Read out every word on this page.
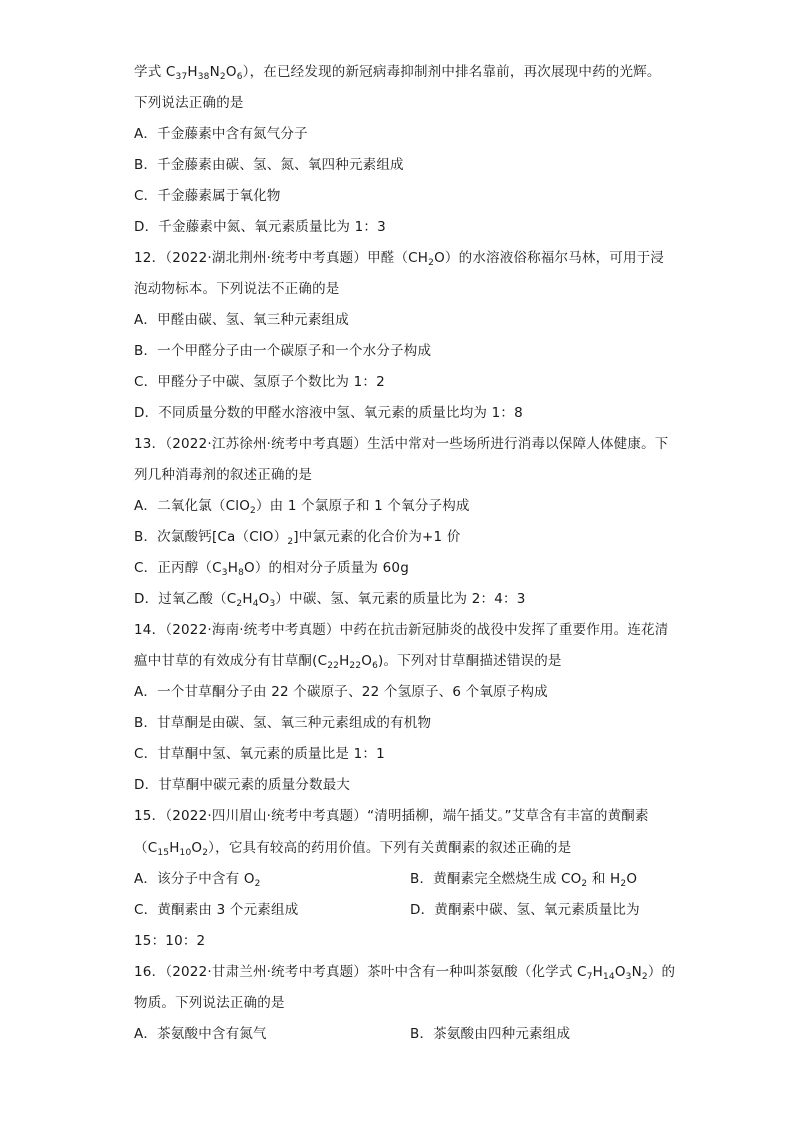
学式 $C_{37}H_{38}N_2O_6$），在已经发现的新冠病毒抑制剂中排名靠前，再次展现中药的光辉。
下列说法正确的是
A．千金藤素中含有氮气分子
B．千金藤素由碳、氢、氮、氧四种元素组成
C．千金藤素属于氧化物
D．千金藤素中氮、氧元素质量比为 1：3
12．（2022·湖北荆州·统考中考真题）甲醛$(CH_2O)$的水溶液俗称福尔马林，可用于浸
泡动物标本。下列说法不正确的是
A．甲醛由碳、氢、氧三种元素组成
B．一个甲醛分子由一个碳原子和一个水分子构成
C．甲醛分子中碳、氢原子个数比为 1：2
D．不同质量分数的甲醛水溶液中氢、氧元素的质量比均为 1：8
13．（2022·江苏徐州·统考中考真题）生活中常对一些场所进行消毒以保障人体健康。下
列几种消毒剂的叙述正确的是
A．二氧化氯（ClO$_2$）由 1 个氯原子和 1 个氧分子构成
B．次氯酸钙$[Ca(ClO)_2]$中氯元素的化合价为+1 价
C．正丙醇$(C_3H_8O)$的相对分子质量为 60g
D．过氧乙酸$(C_2H_4O_3)$中碳、氢、氧元素的质量比为 2：4：3
14．（2022·海南·统考中考真题）中药在抗击新冠肺炎的战役中发挥了重要作用。连花清
瘟中甘草的有效成分有甘草酮$(C_{22}H_{22}O_6)$。下列对甘草酮描述错误的是
A．一个甘草酮分子由 22 个碳原子、22 个氢原子、6 个氧原子构成
B．甘草酮是由碳、氢、氧三种元素组成的有机物
C．甘草酮中氢、氧元素的质量比是 1：1
D．甘草酮中碳元素的质量分数最大
15．（2022·四川眉山·统考中考真题）“清明插柳，端午插艾。”艾草含有丰富的黄酮素
$(C_{15}H_{10}O_2)$，它具有较高的药用价值。下列有关黄酮素的叙述正确的是
A．该分子中含有 $O_2$	B．黄酮素完全燃烧生成 $CO_2$ 和 $H_2O$
C．黄酮素由 3 个元素组成	D．黄酮素中碳、氢、氧元素质量比为
15：10：2
16．（2022·甘肃兰州·统考中考真题）茶叶中含有一种叫茶氨酸（化学式 $C_7H_{14}O_3N_2$）的
物质。下列说法正确的是
A．茶氨酸中含有氮气	B．茶氨酸由四种元素组成
